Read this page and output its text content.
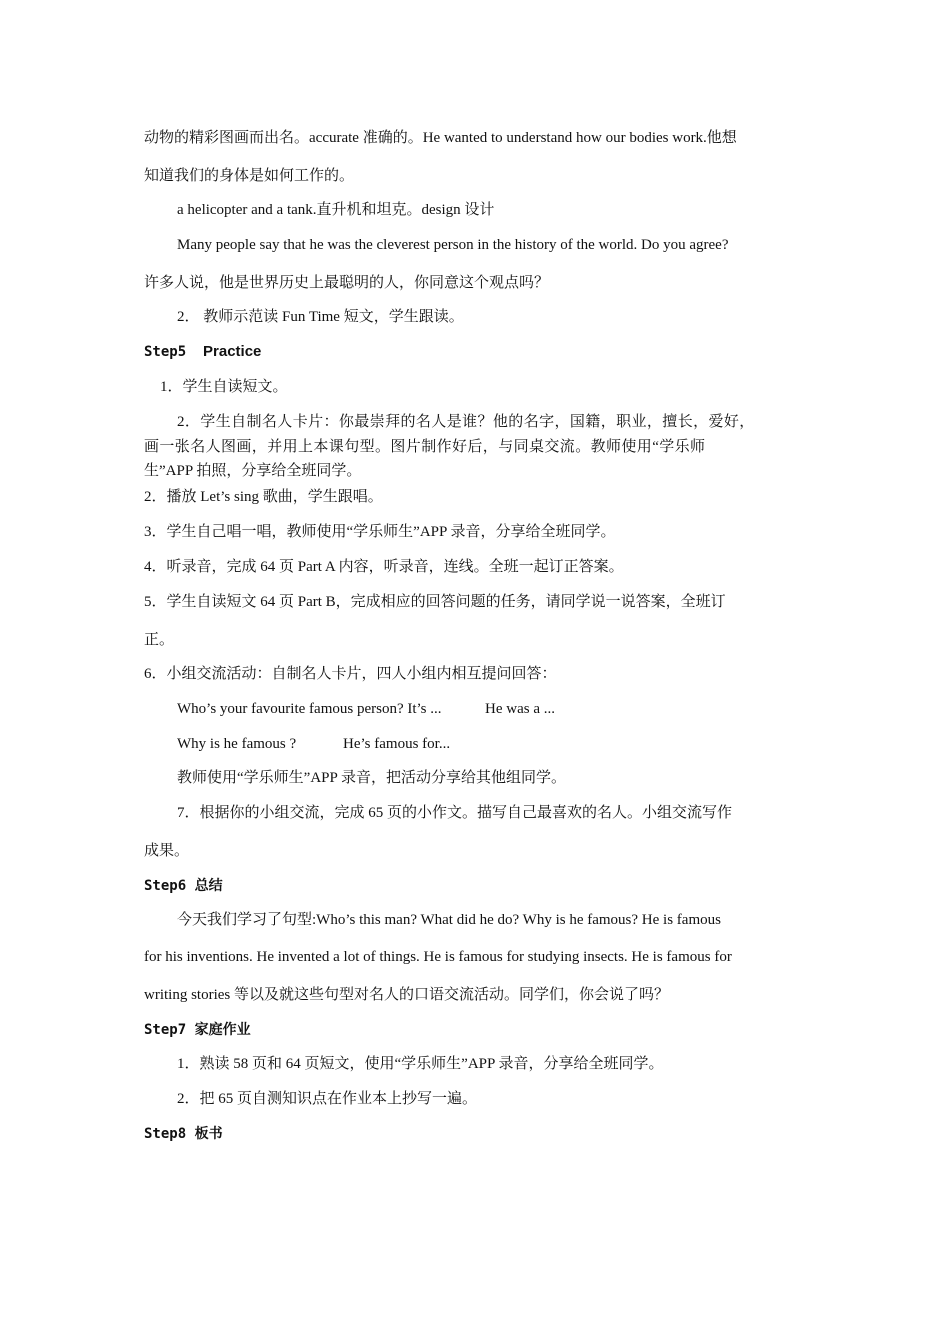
动物的精彩图画而出名。accurate 准确的。He wanted to understand how our bodies work.他想
知道我们的身体是如何工作的。
a helicopter and a tank.直升机和坦克。design 设计
Many people say that he was the cleverest person in the history of the world. Do you agree?
许多人说，他是世界历史上最聪明的人，你同意这个观点吗？
2． 教师示范读 Fun Time 短文，学生跟读。
Step5 Practice
1．学生自读短文。
2．学生自制名人卡片：你最崇拜的名人是谁？他的名字，国籍，职业，擅长，爱好，
画一张名人图画，并用上本课句型。图片制作好后，与同桌交流。教师使用“学乐师
生”APP 拍照，分享给全班同学。
2．播放 Let’s sing 歌曲，学生跟唱。
3．学生自己唱一唱，教师使用“学乐师生”APP 录音，分享给全班同学。
4．听录音，完成 64 页 Part A 内容，听录音，连线。全班一起订正答案。
5．学生自读短文 64 页 Part B，完成相应的回答问题的任务，请同学说一说答案，全班订
正。
6．小组交流活动：自制名人卡片，四人小组内相互提问回答：
Who’s your favourite famous person? It’s ...	He was a ...
Why is he famous ?	He’s famous for...
教师使用“学乐师生”APP 录音，把活动分享给其他组同学。
7．根据你的小组交流，完成 65 页的小作文。描写自己最喜欢的名人。小组交流写作
成果。
Step6 总结
今天我们学习了句型:Who’s this man? What did he do? Why is he famous? He is famous
for his inventions. He invented a lot of things. He is famous for studying insects. He is famous for
writing stories 等以及就这些句型对名人的口语交流活动。同学们，你会说了吗？
Step7 家庭作业
1．熟读 58 页和 64 页短文，使用“学乐师生”APP 录音，分享给全班同学。
2．把 65 页自测知识点在作业本上抄写一遍。
Step8 板书
